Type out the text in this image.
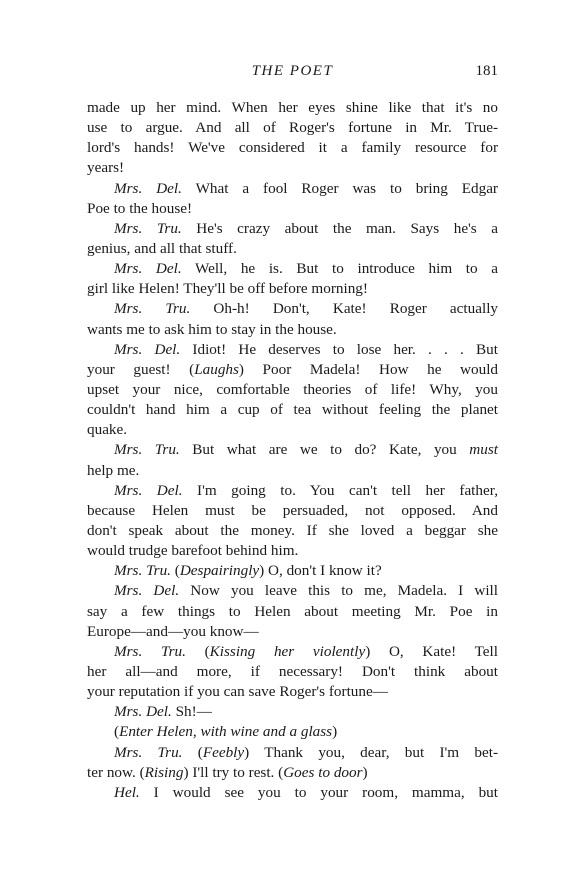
THE POET	181
made up her mind. When her eyes shine like that it's no
use to argue. And all of Roger's fortune in Mr. True-
lord's hands! We've considered it a family resource for
years!
Mrs. Del. What a fool Roger was to bring Edgar
Poe to the house!
Mrs. Tru. He's crazy about the man. Says he's a
genius, and all that stuff.
Mrs. Del. Well, he is. But to introduce him to a
girl like Helen! They'll be off before morning!
Mrs. Tru. Oh-h! Don't, Kate! Roger actually
wants me to ask him to stay in the house.
Mrs. Del. Idiot! He deserves to lose her. . . . But
your guest! (Laughs) Poor Madela! How he would
upset your nice, comfortable theories of life! Why, you
couldn't hand him a cup of tea without feeling the planet
quake.
Mrs. Tru. But what are we to do? Kate, you must
help me.
Mrs. Del. I'm going to. You can't tell her father,
because Helen must be persuaded, not opposed. And
don't speak about the money. If she loved a beggar she
would trudge barefoot behind him.
Mrs. Tru. (Despairingly) O, don't I know it?
Mrs. Del. Now you leave this to me, Madela. I will
say a few things to Helen about meeting Mr. Poe in
Europe—and—you know—
Mrs. Tru. (Kissing her violently) O, Kate! Tell
her all—and more, if necessary! Don't think about
your reputation if you can save Roger's fortune—
Mrs. Del. Sh!—
(Enter Helen, with wine and a glass)
Mrs. Tru. (Feebly) Thank you, dear, but I'm bet-
ter now. (Rising) I'll try to rest. (Goes to door)
Hel. I would see you to your room, mamma, but
